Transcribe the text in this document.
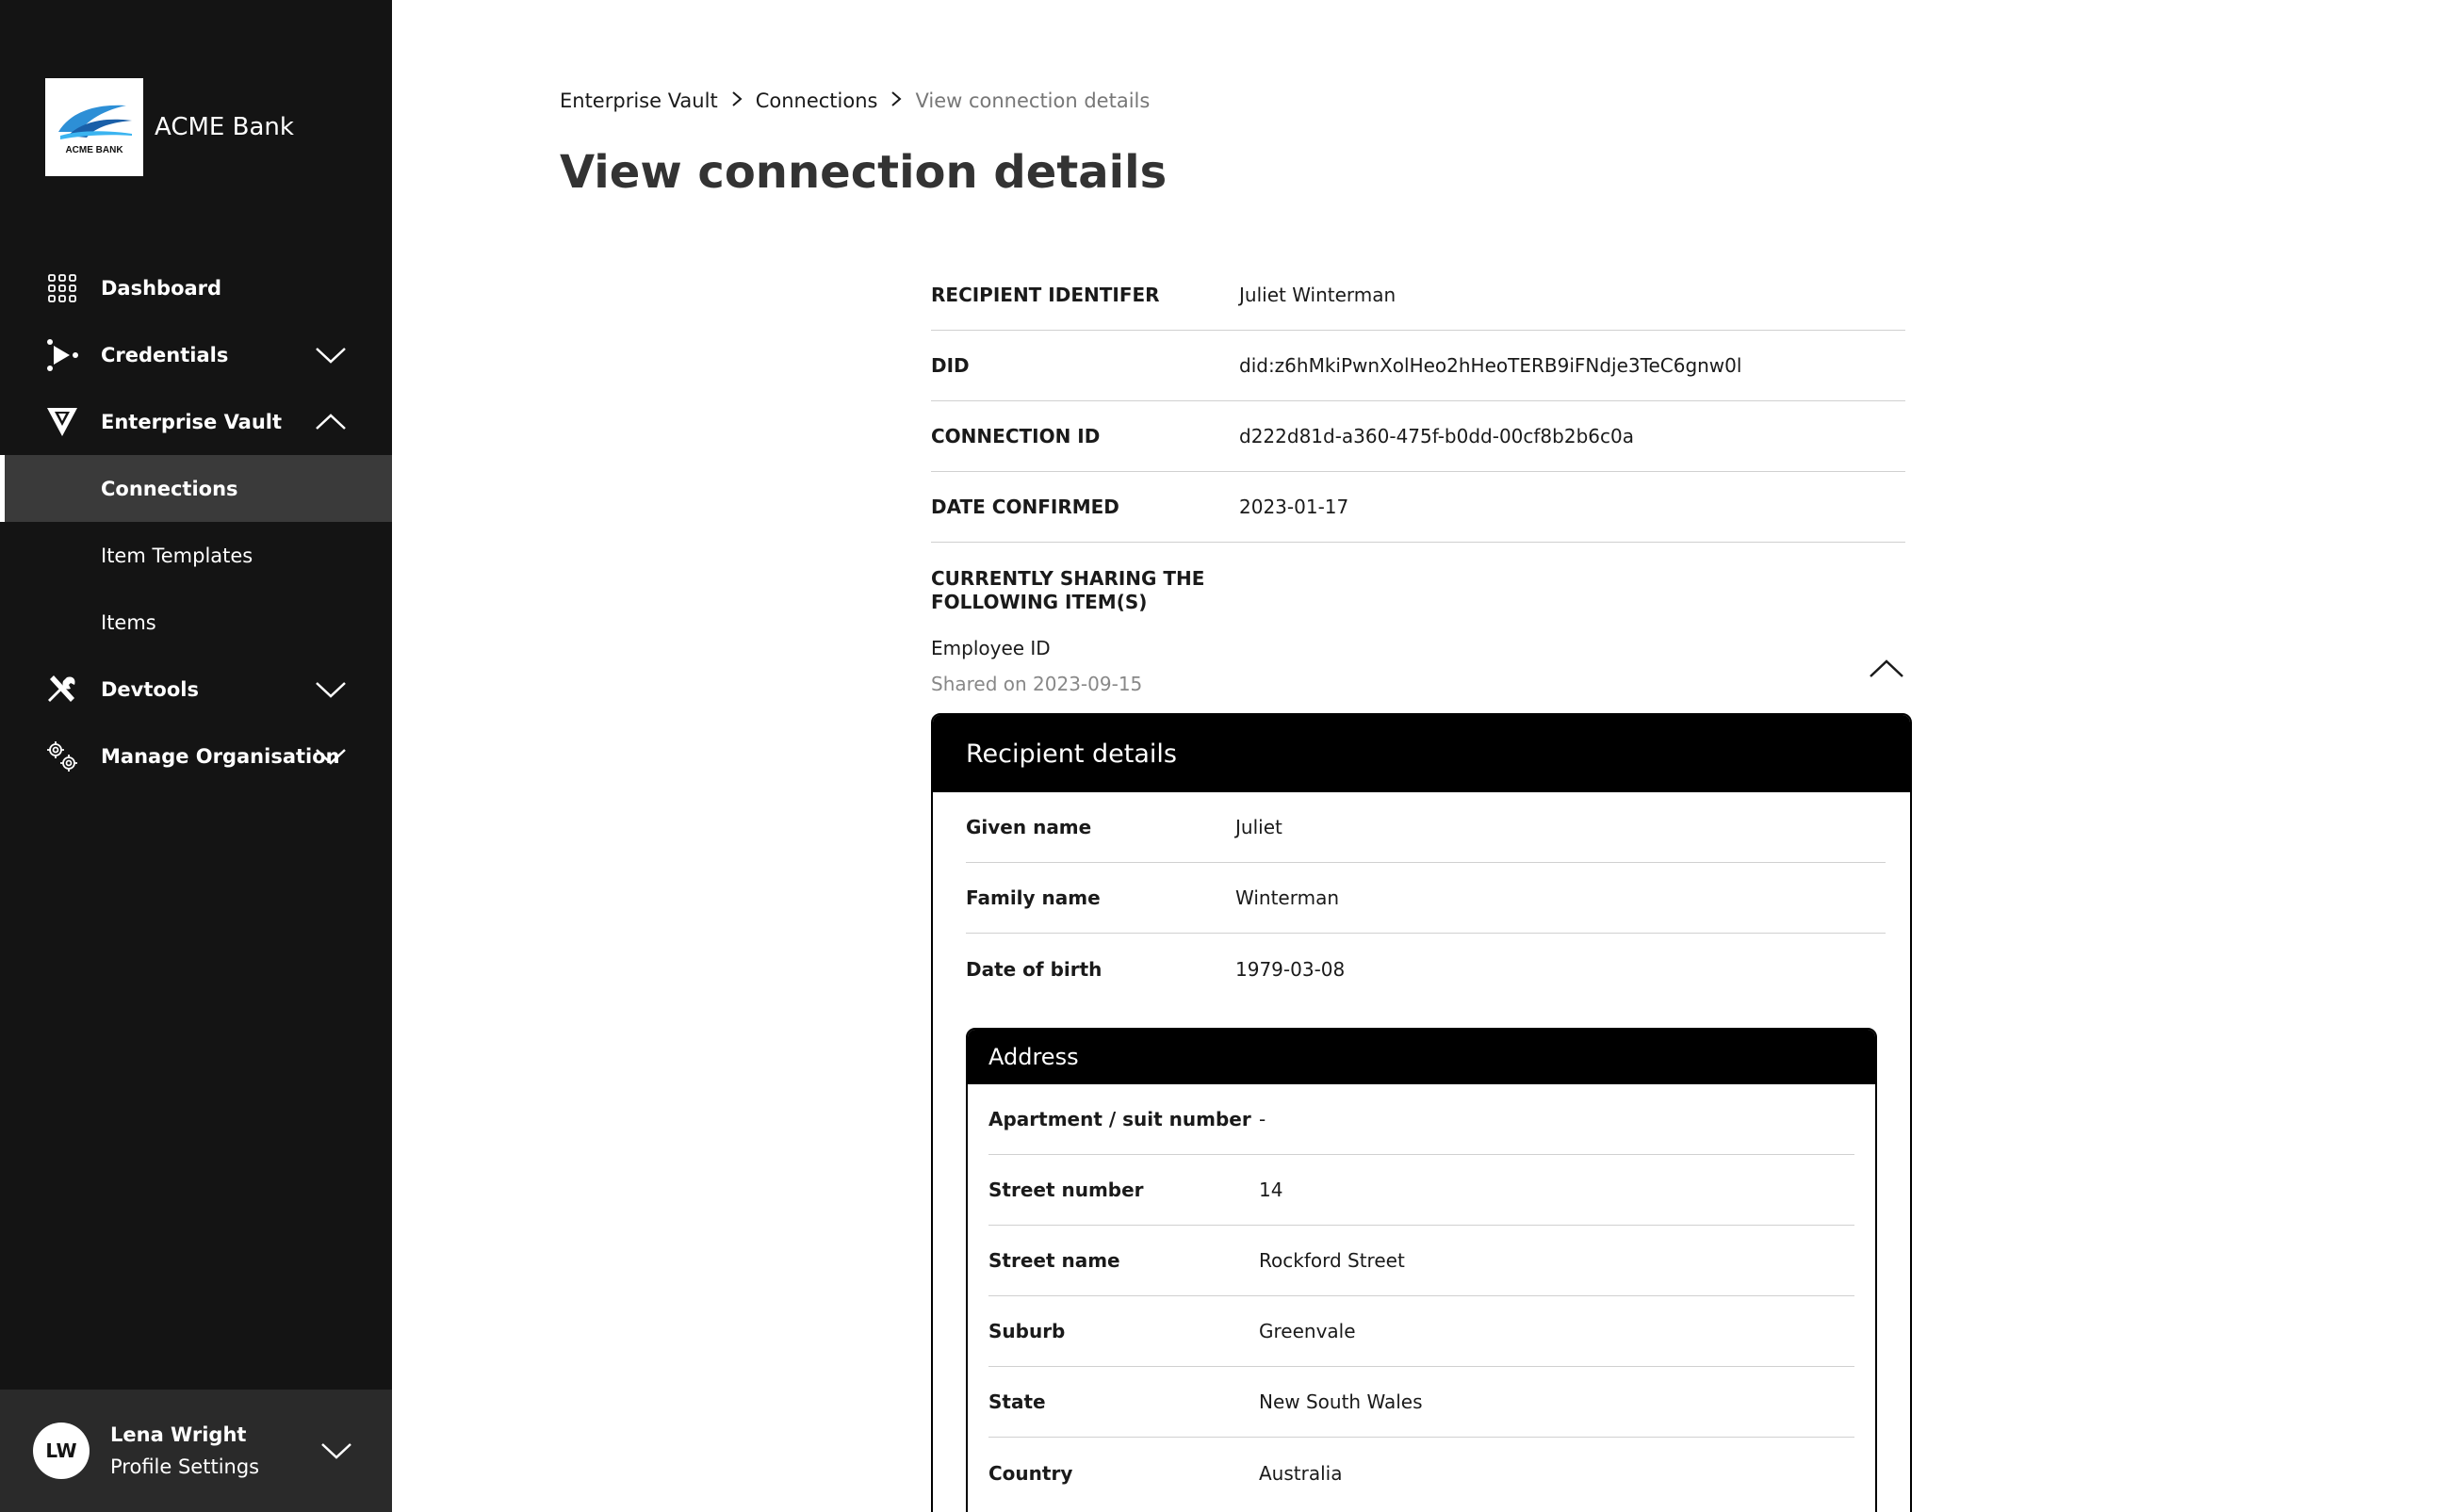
ACME BANK
ACME Bank
Dashboard
Credentials
Enterprise Vault
Connections
Item Templates
Items
Devtools
Manage Organisation
LW
Lena Wright
Profile Settings
Enterprise Vault Connections View connection details
View connection details
RECIPIENT IDENTIFER	Juliet Winterman
DID	did:z6hMkiPwnXolHeo2hHeoTERB9iFNdje3TeC6gnw0l
CONNECTION ID	d222d81d-a360-475f-b0dd-00cf8b2b6c0a
DATE CONFIRMED	2023-01-17
CURRENTLY SHARING THE FOLLOWING ITEM(S)
Employee ID
Shared on 2023-09-15
Recipient details
Given name	Juliet
Family name	Winterman
Date of birth	1979-03-08
Address
Apartment / suit number -
Street number	14
Street name	Rockford Street
Suburb	Greenvale
State	New South Wales
Country	Australia
